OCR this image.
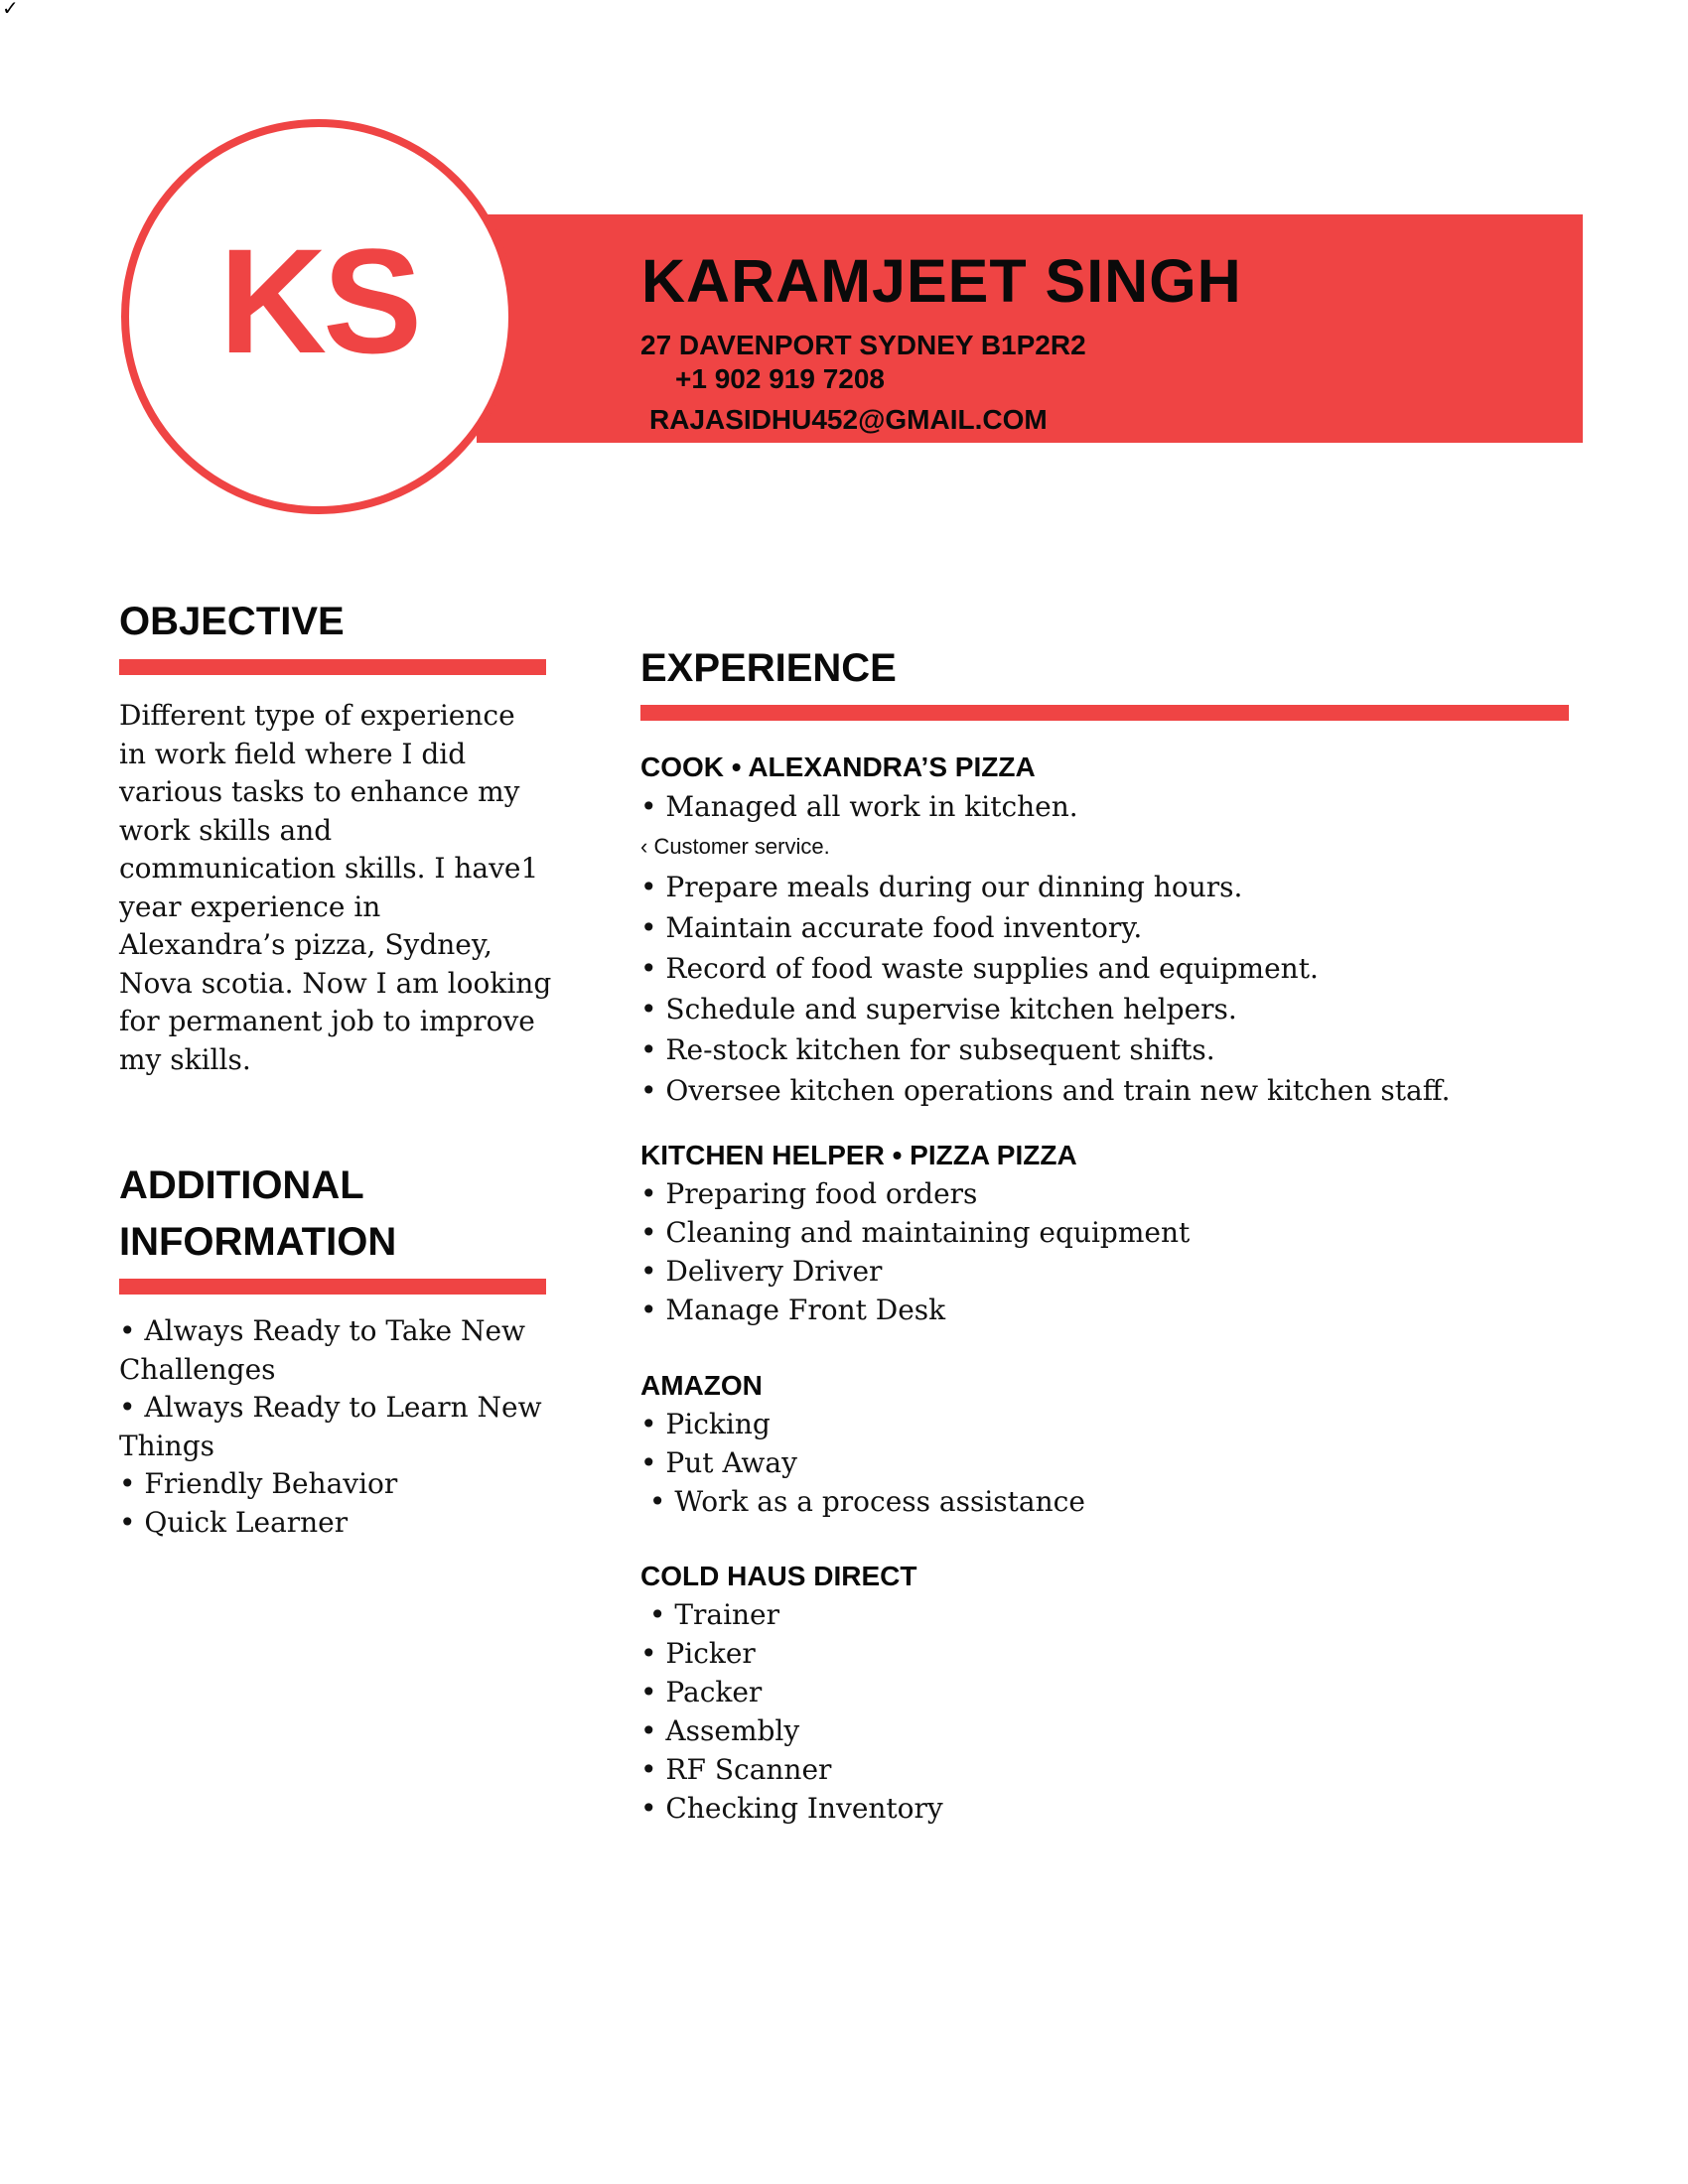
✓
KS	KARAMJEET SINGH
27 DAVENPORT SYDNEY B1P2R2
+1 902 919 7208
RAJASIDHU452@GMAIL.COM
OBJECTIVE
Different type of experience
in work field where I did
various tasks to enhance my
work skills and
communication skills. I have1
year experience in
Alexandra’s pizza, Sydney,
Nova scotia. Now I am looking
for permanent job to improve
my skills.
ADDITIONAL
INFORMATION
• Always Ready to Take New
Challenges
• Always Ready to Learn New
Things
• Friendly Behavior
• Quick Learner
EXPERIENCE
COOK • ALEXANDRA’S PIZZA
• Managed all work in kitchen.
‹ Customer service.
• Prepare meals during our dinning hours.
• Maintain accurate food inventory.
• Record of food waste supplies and equipment.
• Schedule and supervise kitchen helpers.
• Re-stock kitchen for subsequent shifts.
• Oversee kitchen operations and train new kitchen staff.
KITCHEN HELPER • PIZZA PIZZA
• Preparing food orders
• Cleaning and maintaining equipment
• Delivery Driver
• Manage Front Desk
AMAZON
• Picking
• Put Away
• Work as a process assistance
COLD HAUS DIRECT
• Trainer
• Picker
• Packer
• Assembly
• RF Scanner
• Checking Inventory
